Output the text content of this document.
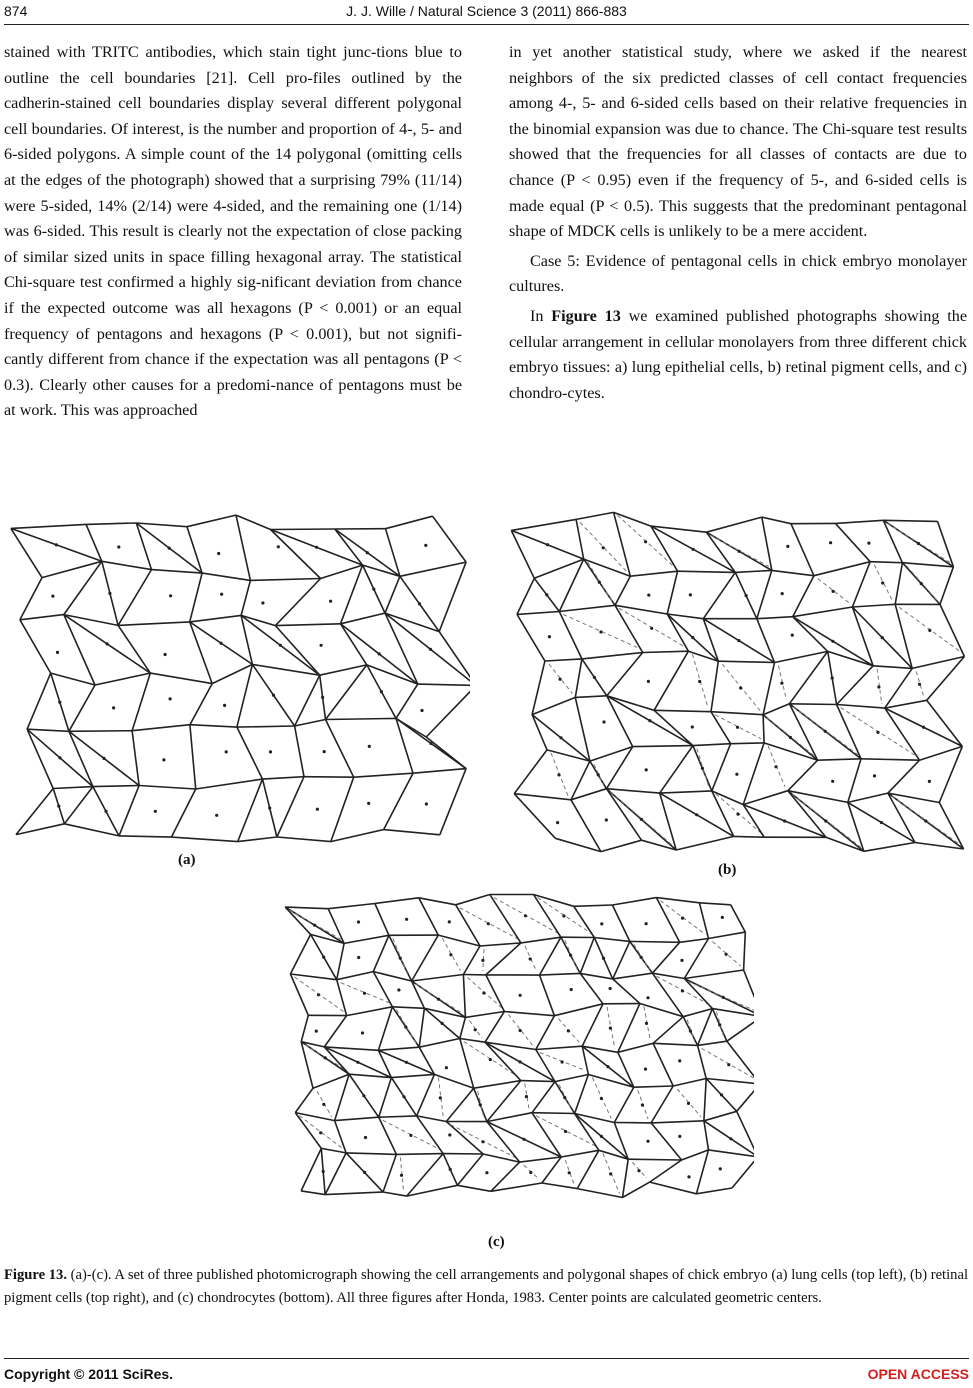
874	J. J. Wille / Natural Science 3 (2011) 866-883

stained with TRITC antibodies, which stain tight junc-tions blue to outline the cell boundaries [21]. Cell pro-files outlined by the cadherin-stained cell boundaries display several different polygonal cell boundaries. Of interest, is the number and proportion of 4-, 5- and 6-sided polygons. A simple count of the 14 polygonal (omitting cells at the edges of the photograph) showed that a surprising 79% (11/14) were 5-sided, 14% (2/14) were 4-sided, and the remaining one (1/14) was 6-sided. This result is clearly not the expectation of close packing of similar sized units in space filling hexagonal array. The statistical Chi-square test confirmed a highly sig-nificant deviation from chance if the expected outcome was all hexagons (P < 0.001) or an equal frequency of pentagons and hexagons (P < 0.001), but not signifi-cantly different from chance if the expectation was all pentagons (P < 0.3). Clearly other causes for a predomi-nance of pentagons must be at work. This was approached

in yet another statistical study, where we asked if the nearest neighbors of the six predicted classes of cell contact frequencies among 4-, 5- and 6-sided cells based on their relative frequencies in the binomial expansion was due to chance. The Chi-square test results showed that the frequencies for all classes of contacts are due to chance (P < 0.95) even if the frequency of 5-, and 6-sided cells is made equal (P < 0.5). This suggests that the predominant pentagonal shape of MDCK cells is unlikely to be a mere accident.

Case 5: Evidence of pentagonal cells in chick embryo monolayer cultures.

In Figure 13 we examined published photographs showing the cellular arrangement in cellular monolayers from three different chick embryo tissues: a) lung epithelial cells, b) retinal pigment cells, and c) chondro-cytes.

(a)
(b)
(c)
Figure 13. (a)-(c). A set of three published photomicrograph showing the cell arrangements and polygonal shapes of chick embryo (a) lung cells (top left), (b) retinal pigment cells (top right), and (c) chondrocytes (bottom). All three figures after Honda, 1983. Center points are calculated geometric centers.
Copyright © 2011 SciRes.	OPEN ACCESS
